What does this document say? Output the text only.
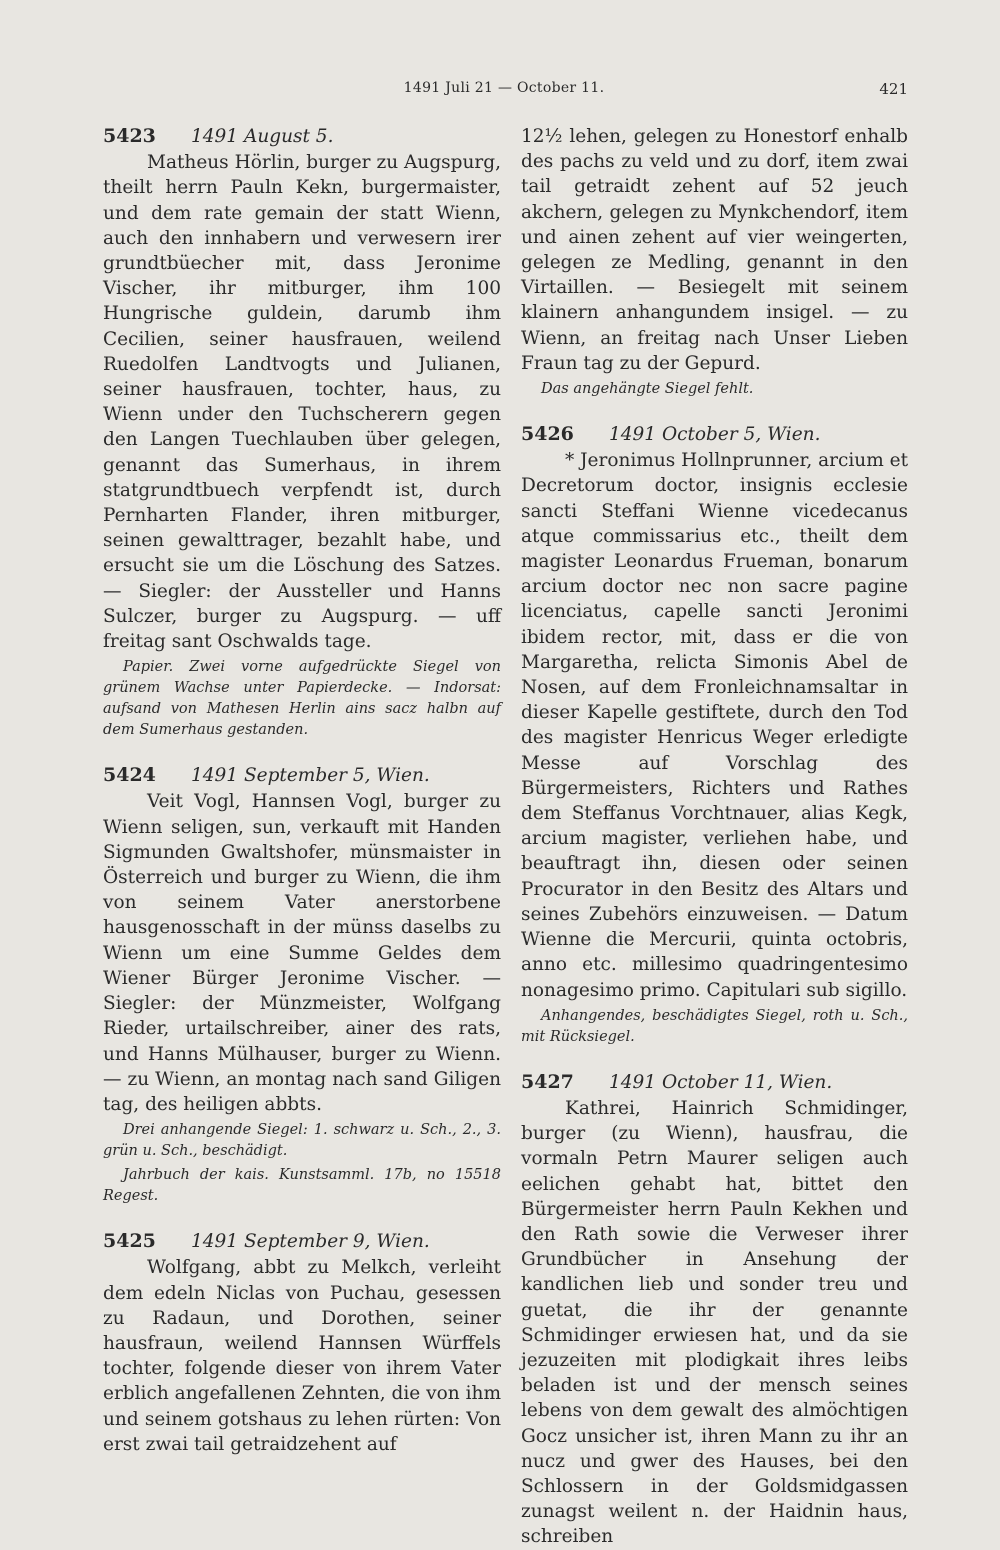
1491 Juli 21 — October 11.	421
5423	1491 August 5.

Matheus Hörlin, burger zu Augspurg, theilt herrn Pauln Kekn, burgermaister, und dem rate gemain der statt Wienn, auch den innhabern und verwesern irer grundtbüecher mit, dass Jeronime Vischer, ihr mitburger, ihm 100 Hungrische guldein, darumb ihm Cecilien, seiner hausfrauen, weilend Ruedolfen Landtvogts und Julianen, seiner hausfrauen, tochter, haus, zu Wienn under den Tuchscherern gegen den Langen Tuechlauben über gelegen, genannt das Sumerhaus, in ihrem statgrundtbuech verpfendt ist, durch Pernharten Flander, ihren mitburger, seinen gewalttrager, bezahlt habe, und ersucht sie um die Löschung des Satzes. — Siegler: der Aussteller und Hanns Sulczer, burger zu Augspurg. — uff freitag sant Oschwalds tage.

Papier. Zwei vorne aufgedrückte Siegel von grünem Wachse unter Papierdecke. — Indorsat: aufsand von Mathesen Herlin ains sacz halbn auf dem Sumerhaus gestanden.

5424	1491 September 5, Wien.

Veit Vogl, Hannsen Vogl, burger zu Wienn seligen, sun, verkauft mit Handen Sigmunden Gwaltshofer, münsmaister in Österreich und burger zu Wienn, die ihm von seinem Vater anerstorbene hausgenosschaft in der münss daselbs zu Wienn um eine Summe Geldes dem Wiener Bürger Jeronime Vischer. — Siegler: der Münzmeister, Wolfgang Rieder, urtailschreiber, ainer des rats, und Hanns Mülhauser, burger zu Wienn. — zu Wienn, an montag nach sand Giligen tag, des heiligen abbts.

Drei anhangende Siegel: 1. schwarz u. Sch., 2., 3. grün u. Sch., beschädigt.

Jahrbuch der kais. Kunstsamml. 17b, no 15518 Regest.

5425	1491 September 9, Wien.

Wolfgang, abbt zu Melkch, verleiht dem edeln Niclas von Puchau, gesessen zu Radaun, und Dorothen, seiner hausfraun, weilend Hannsen Würffels tochter, folgende dieser von ihrem Vater erblich angefallenen Zehnten, die von ihm und seinem gotshaus zu lehen rürten: Von erst zwai tail getraidzehent auf

12½ lehen, gelegen zu Honestorf enhalb des pachs zu veld und zu dorf, item zwai tail getraidt zehent auf 52 jeuch akchern, gelegen zu Mynkchendorf, item und ainen zehent auf vier weingerten, gelegen ze Medling, genannt in den Virtaillen. — Besiegelt mit seinem klainern anhangundem insigel. — zu Wienn, an freitag nach Unser Lieben Fraun tag zu der Gepurd.

Das angehängte Siegel fehlt.

5426	1491 October 5, Wien.

* Jeronimus Hollnprunner, arcium et Decretorum doctor, insignis ecclesie sancti Steffani Wienne vicedecanus atque commissarius etc., theilt dem magister Leonardus Frueman, bonarum arcium doctor nec non sacre pagine licenciatus, capelle sancti Jeronimi ibidem rector, mit, dass er die von Margaretha, relicta Simonis Abel de Nosen, auf dem Fronleichnamsaltar in dieser Kapelle gestiftete, durch den Tod des magister Henricus Weger erledigte Messe auf Vorschlag des Bürgermeisters, Richters und Rathes dem Steffanus Vorchtnauer, alias Kegk, arcium magister, verliehen habe, und beauftragt ihn, diesen oder seinen Procurator in den Besitz des Altars und seines Zubehörs einzuweisen. — Datum Wienne die Mercurii, quinta octobris, anno etc. millesimo quadringentesimo nonagesimo primo. Capitulari sub sigillo.

Anhangendes, beschädigtes Siegel, roth u. Sch., mit Rücksiegel.

5427	1491 October 11, Wien.

Kathrei, Hainrich Schmidinger, burger (zu Wienn), hausfrau, die vormaln Petrn Maurer seligen auch eelichen gehabt hat, bittet den Bürgermeister herrn Pauln Kekhen und den Rath sowie die Verweser ihrer Grundbücher in Ansehung der kandlichen lieb und sonder treu und guetat, die ihr der genannte Schmidinger erwiesen hat, und da sie jezuzeiten mit plodigkait ihres leibs beladen ist und der mensch seines lebens von dem gewalt des almöchtigen Gocz unsicher ist, ihren Mann zu ihr an nucz und gwer des Hauses, bei den Schlossern in der Goldsmidgassen zunagst weilent n. der Haidnin haus, schreiben
